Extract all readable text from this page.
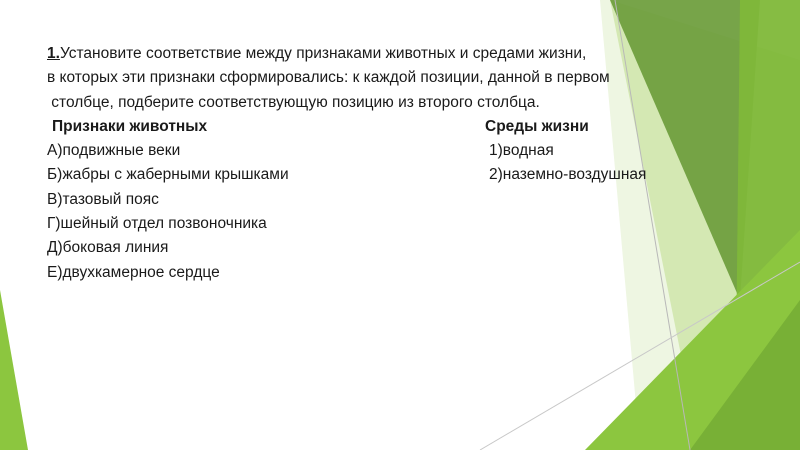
1.Установите соответствие между признаками животных и средами жизни,
в которых эти признаки сформировались: к каждой позиции, данной в первом
столбце, подберите соответствующую позицию из второго столбца.
Признаки животных	Среды жизни
А)подвижные веки	1)водная
Б)жабры с жаберными крышками	2)наземно-воздушная
В)тазовый пояс
Г)шейный отдел позвоночника
Д)боковая линия
Е)двухкамерное сердце
